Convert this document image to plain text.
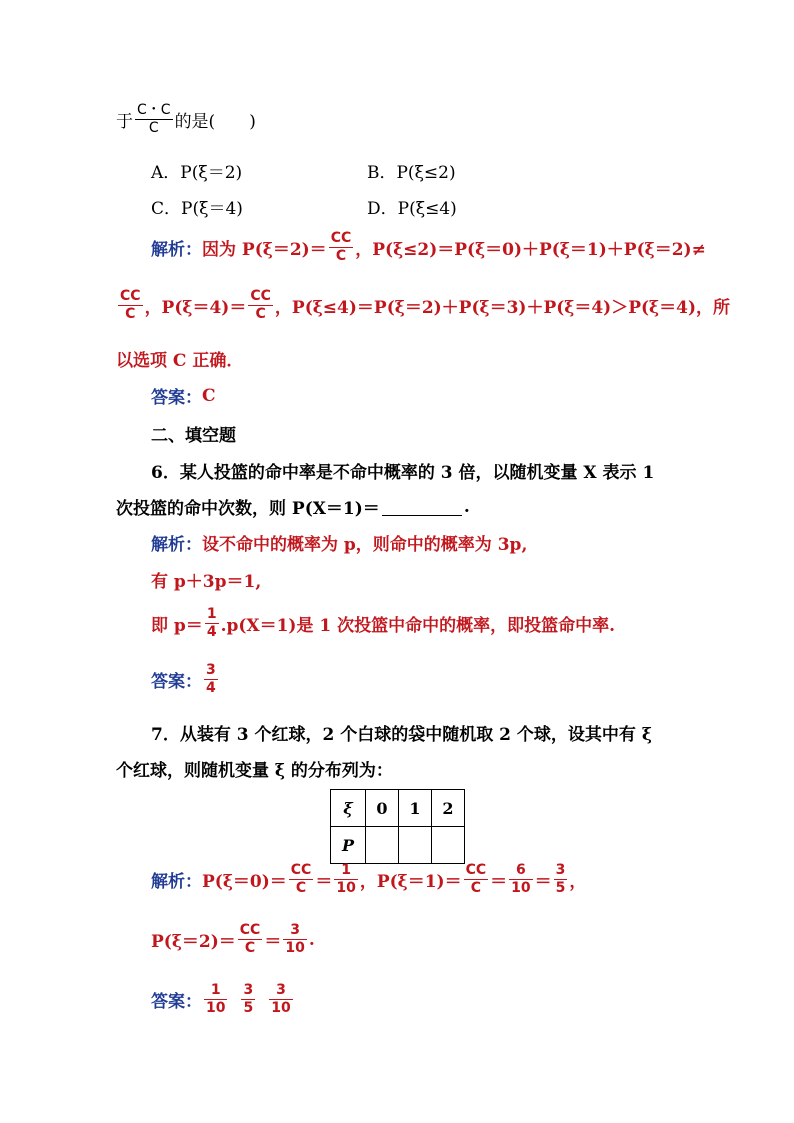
于 $\frac{C・C}{C}$ 的是(　　)
A．P(ξ＝2)	B．P(ξ≤2)
C．P(ξ＝4)	D．P(ξ≤4)
解析： 因为 $P(\xi=2)= \frac{CC}{C}$ ，P(ξ≤2)＝P(ξ＝0)＋P(ξ＝1)＋P(ξ＝2)≠
$\frac{CC}{C}$ ，$P(\xi=4)= \frac{CC}{C}$ ，P(ξ≤4)＝P(ξ＝2)＋P(ξ＝3)＋P(ξ＝4)＞P(ξ＝4)，所
以选项 C 正确．
答案： C
二、填空题
6．某人投篮的命中率是不命中概率的 3 倍，以随机变量 X 表示 1
次投篮的命中次数，则 P(X＝1)＝	.
解析： 设不命中的概率为 p，则命中的概率为 3p,
有 p＋3p＝1,
即 $p= \frac{1}{4} .p(X=1)$是 1 次投篮中命中的概率，即投篮命中率.
答案： $\frac{3}{4}$
7．从装有 3 个红球，2 个白球的袋中随机取 2 个球，设其中有 ξ
个红球，则随机变量 ξ 的分布列为：
ξ	0	1	2
P			
解析： $P(\xi=0)= \frac{CC}{C} = \frac{1}{10}$ ，$P(\xi=1)= \frac{CC}{C} = \frac{6}{10} = \frac{3}{5}$ ，
$P(\xi=2)= \frac{CC}{C} = \frac{3}{10}$ .
答案： $\frac{1}{10} \frac{3}{5} \frac{3}{10}$
